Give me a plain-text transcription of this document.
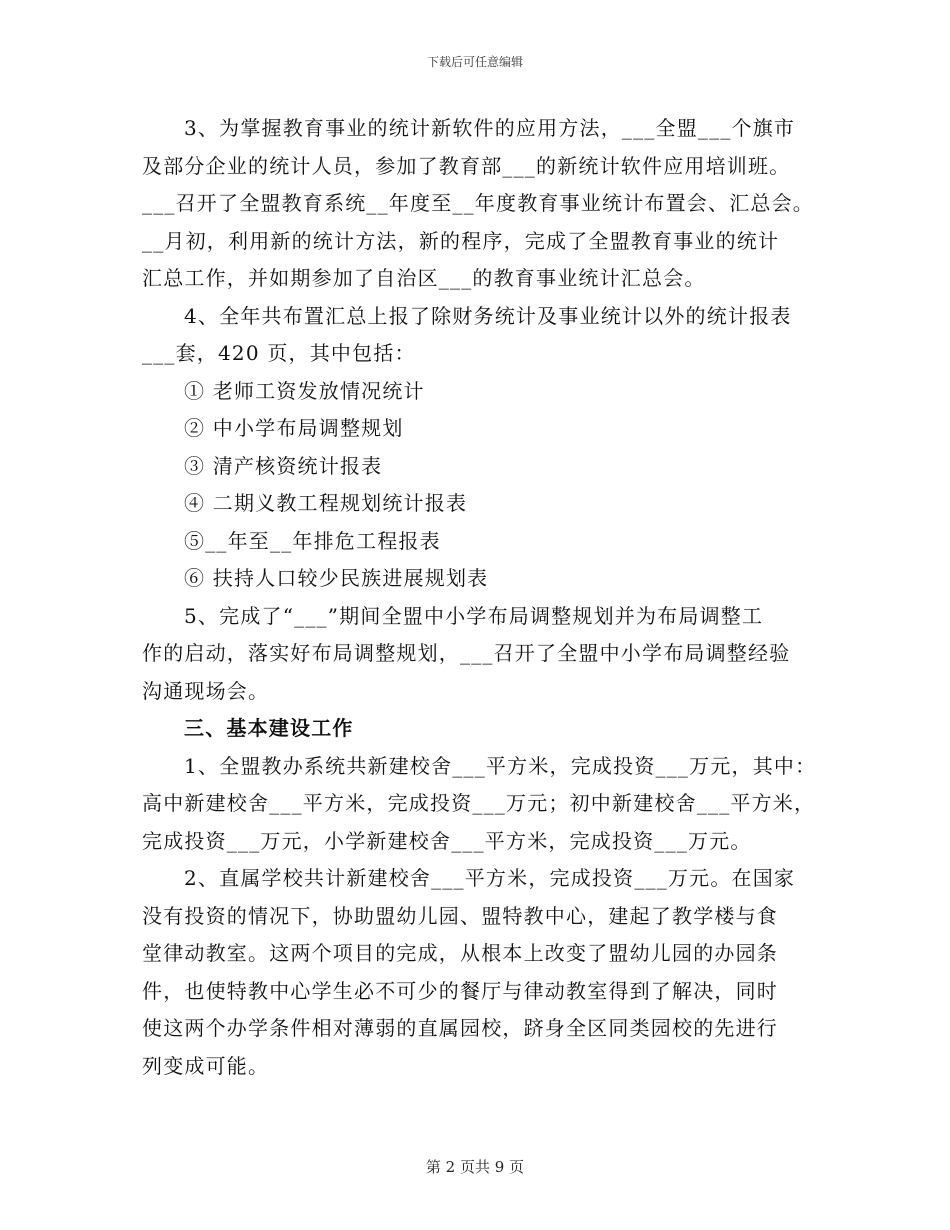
下载后可任意编辑
3、为掌握教育事业的统计新软件的应用方法，___全盟___个旗市
及部分企业的统计人员，参加了教育部___的新统计软件应用培训班。
___召开了全盟教育系统__年度至__年度教育事业统计布置会、汇总会。
__月初，利用新的统计方法，新的程序，完成了全盟教育事业的统计
汇总工作，并如期参加了自治区___的教育事业统计汇总会。
4、全年共布置汇总上报了除财务统计及事业统计以外的统计报表
___套，420 页，其中包括：
① 老师工资发放情况统计
② 中小学布局调整规划
③ 清产核资统计报表
④ 二期义教工程规划统计报表
⑤__年至__年排危工程报表
⑥ 扶持人口较少民族进展规划表
5、完成了“___”期间全盟中小学布局调整规划并为布局调整工
作的启动，落实好布局调整规划，___召开了全盟中小学布局调整经验
沟通现场会。
三、基本建设工作
1、全盟教办系统共新建校舍___平方米，完成投资___万元，其中：
高中新建校舍___平方米，完成投资___万元；初中新建校舍___平方米，
完成投资___万元，小学新建校舍___平方米，完成投资___万元。
2、直属学校共计新建校舍___平方米，完成投资___万元。在国家
没有投资的情况下，协助盟幼儿园、盟特教中心，建起了教学楼与食
堂律动教室。这两个项目的完成，从根本上改变了盟幼儿园的办园条
件，也使特教中心学生必不可少的餐厅与律动教室得到了解决，同时
使这两个办学条件相对薄弱的直属园校，跻身全区同类园校的先进行
列变成可能。
第 2 页共 9 页
